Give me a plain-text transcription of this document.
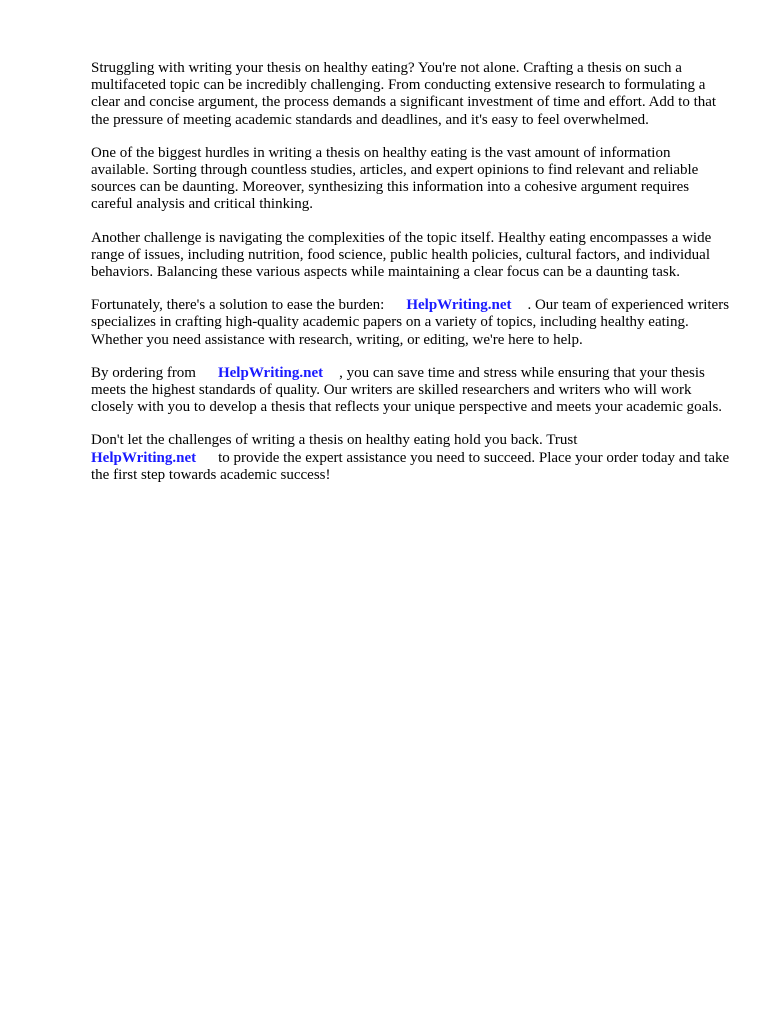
Struggling with writing your thesis on healthy eating? You're not alone. Crafting a thesis on such a multifaceted topic can be incredibly challenging. From conducting extensive research to formulating a clear and concise argument, the process demands a significant investment of time and effort. Add to that the pressure of meeting academic standards and deadlines, and it's easy to feel overwhelmed.

One of the biggest hurdles in writing a thesis on healthy eating is the vast amount of information available. Sorting through countless studies, articles, and expert opinions to find relevant and reliable sources can be daunting. Moreover, synthesizing this information into a cohesive argument requires careful analysis and critical thinking.

Another challenge is navigating the complexities of the topic itself. Healthy eating encompasses a wide range of issues, including nutrition, food science, public health policies, cultural factors, and individual behaviors. Balancing these various aspects while maintaining a clear focus can be a daunting task.

Fortunately, there's a solution to ease the burden: HelpWriting.net . Our team of experienced writers specializes in crafting high-quality academic papers on a variety of topics, including healthy eating. Whether you need assistance with research, writing, or editing, we're here to help.

By ordering from HelpWriting.net , you can save time and stress while ensuring that your thesis meets the highest standards of quality. Our writers are skilled researchers and writers who will work closely with you to develop a thesis that reflects your unique perspective and meets your academic goals.

Don't let the challenges of writing a thesis on healthy eating hold you back. Trust
HelpWriting.net to provide the expert assistance you need to succeed. Place your order today and take the first step towards academic success!
